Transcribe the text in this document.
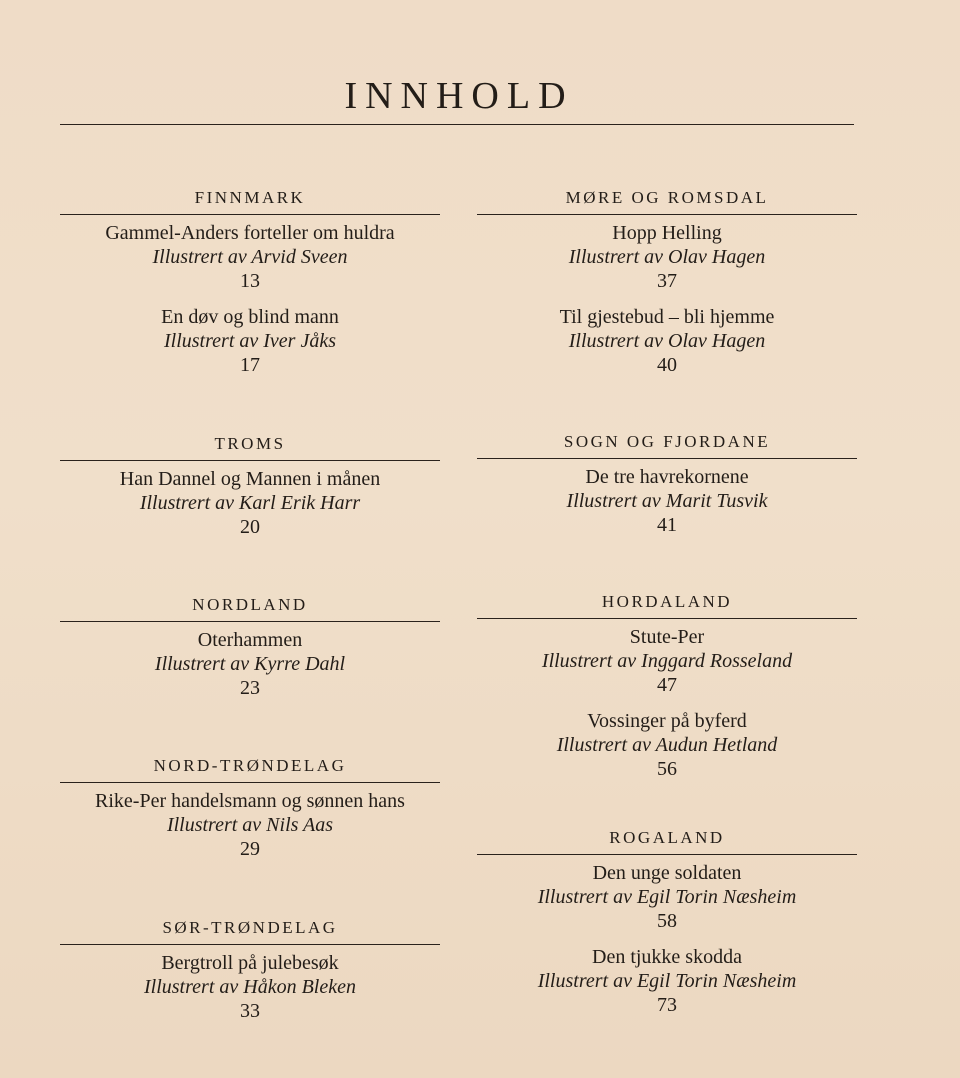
INNHOLD
FINNMARK
Gammel-Anders forteller om huldra
Illustrert av Arvid Sveen
13
En døv og blind mann
Illustrert av Iver Jåks
17
TROMS
Han Dannel og Mannen i månen
Illustrert av Karl Erik Harr
20
NORDLAND
Oterhammen
Illustrert av Kyrre Dahl
23
NORD-TRØNDELAG
Rike-Per handelsmann og sønnen hans
Illustrert av Nils Aas
29
SØR-TRØNDELAG
Bergtroll på julebesøk
Illustrert av Håkon Bleken
33
MØRE OG ROMSDAL
Hopp Helling
Illustrert av Olav Hagen
37
Til gjestebud – bli hjemme
Illustrert av Olav Hagen
40
SOGN OG FJORDANE
De tre havrekornene
Illustrert av Marit Tusvik
41
HORDALAND
Stute-Per
Illustrert av Inggard Rosseland
47
Vossinger på byferd
Illustrert av Audun Hetland
56
ROGALAND
Den unge soldaten
Illustrert av Egil Torin Næsheim
58
Den tjukke skodda
Illustrert av Egil Torin Næsheim
73
